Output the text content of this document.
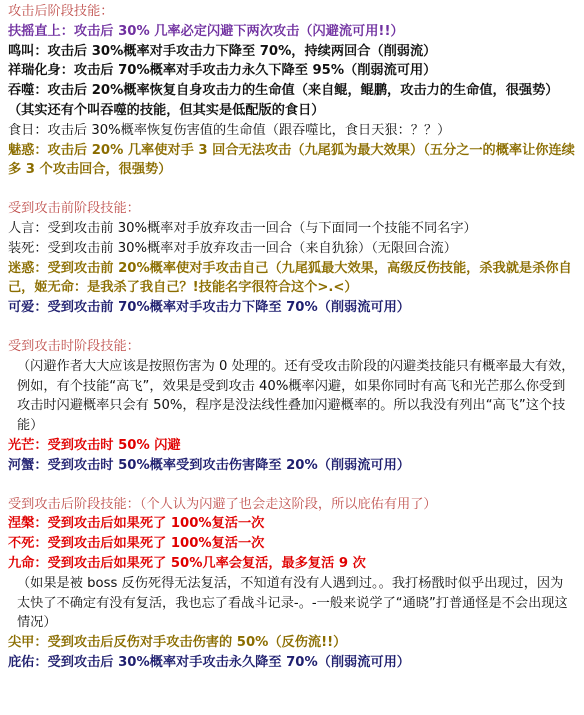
攻击后阶段技能：
扶摇直上：攻击后 30% 几率必定闪避下两次攻击（闪避流可用!!）
鸣叫：攻击后 30%概率对手攻击力下降至 70%，持续两回合（削弱流）
祥瑞化身：攻击后 70%概率对手攻击力永久下降至 95%（削弱流可用）
吞噬：攻击后 20%概率恢复自身攻击力的生命值（来自鲲，鲲鹏，攻击力的生命值，很强势）（其实还有个叫吞噬的技能，但其实是低配版的食日）
食日：攻击后 30%概率恢复伤害值的生命值（跟吞噬比，食日天狠：？？）
魅惑：攻击后 20% 几率使对手 3 回合无法攻击（九尾狐为最大效果）（五分之一的概率让你连续多 3 个攻击回合，很强势）
受到攻击前阶段技能：
人言：受到攻击前 30%概率对手放弃攻击一回合（与下面同一个技能不同名字）
装死：受到攻击前 30%概率对手放弃攻击一回合（来自犰狳）（无限回合流）
迷惑：受到攻击前 20%概率使对手攻击自己（九尾狐最大效果，高级反伤技能，杀我就是杀你自己，姬无命：是我杀了我自己？!技能名字很符合这个>.<）
可爱：受到攻击前 70%概率对手攻击力下降至 70%（削弱流可用）
受到攻击时阶段技能：
（闪避作者大大应该是按照伤害为 0 处理的。还有受攻击阶段的闪避类技能只有概率最大有效，例如，有个技能“高飞”，效果是受到攻击 40%概率闪避，如果你同时有高飞和光芒那么你受到攻击时闪避概率只会有 50%，程序是没法线性叠加闪避概率的。所以我没有列出“高飞”这个技能）
光芒：受到攻击时 50% 闪避
河蟹：受到攻击时 50%概率受到攻击伤害降至 20%（削弱流可用）
受到攻击后阶段技能：（个人认为闪避了也会走这阶段，所以庇佑有用了）
涅槃：受到攻击后如果死了 100%复活一次
不死：受到攻击后如果死了 100%复活一次
九命：受到攻击后如果死了 50%几率会复活，最多复活 9 次
（如果是被 boss 反伤死得无法复活，不知道有没有人遇到过。。我打杨戬时似乎出现过，因为太快了不确定有没有复活，我也忘了看战斗记录-。-一般来说学了“通晓”打普通怪是不会出现这情况）
尖甲：受到攻击后反伤对手攻击伤害的 50%（反伤流!!）
庇佑：受到攻击后 30%概率对手攻击永久降至 70%（削弱流可用）
